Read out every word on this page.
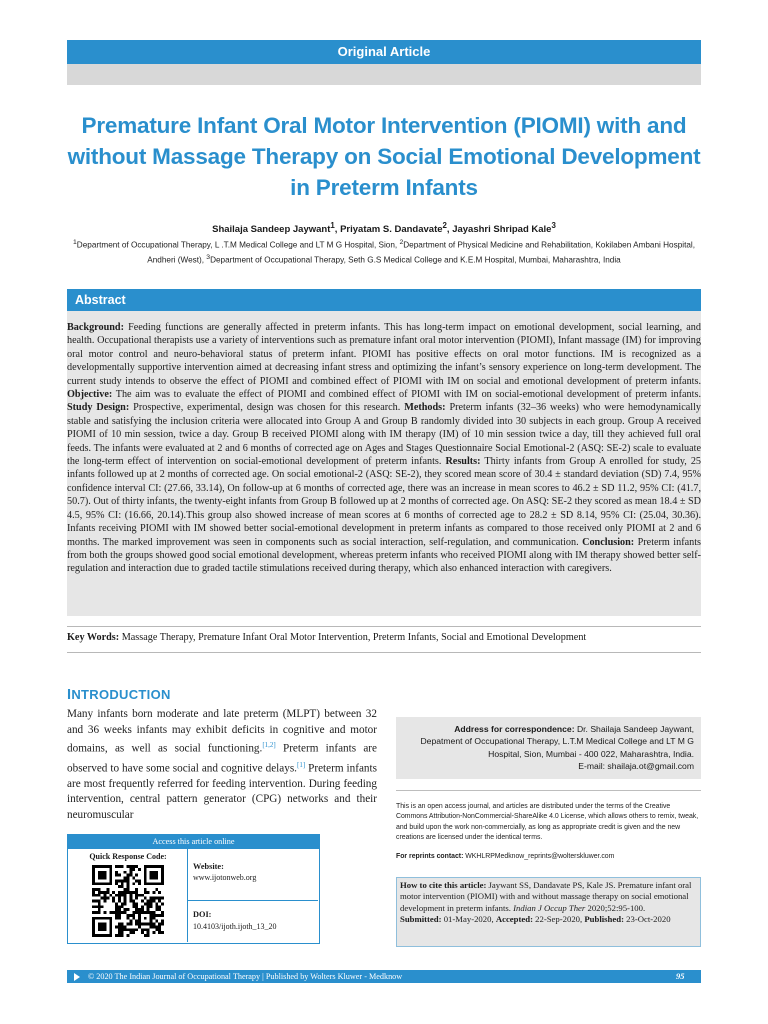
Original Article
Premature Infant Oral Motor Intervention (PIOMI) with and without Massage Therapy on Social Emotional Development in Preterm Infants
Shailaja Sandeep Jaywant$^1$, Priyatam S. Dandavate$^2$, Jayashri Shripad Kale$^3$
$^1$Department of Occupational Therapy, L .T.M Medical College and LT M G Hospital, Sion, $^2$Department of Physical Medicine and Rehabilitation, Kokilaben Ambani Hospital, Andheri (West), $^3$Department of Occupational Therapy, Seth G.S Medical College and K.E.M Hospital, Mumbai, Maharashtra, India
Abstract
Background: Feeding functions are generally affected in preterm infants. This has long-term impact on emotional development, social learning, and health. Occupational therapists use a variety of interventions such as premature infant oral motor intervention (PIOMI), Infant massage (IM) for improving oral motor control and neuro-behavioral status of preterm infant. PIOMI has positive effects on oral motor functions. IM is recognized as a developmentally supportive intervention aimed at decreasing infant stress and optimizing the infant’s sensory experience on long-term development. The current study intends to observe the effect of PIOMI and combined effect of PIOMI with IM on social and emotional development of preterm infants. Objective: The aim was to evaluate the effect of PIOMI and combined effect of PIOMI with IM on social-emotional development of preterm infants. Study Design: Prospective, experimental, design was chosen for this research. Methods: Preterm infants (32–36 weeks) who were hemodynamically stable and satisfying the inclusion criteria were allocated into Group A and Group B randomly divided into 30 subjects in each group. Group A received PIOMI of 10 min session, twice a day. Group B received PIOMI along with IM therapy (IM) of 10 min session twice a day, till they achieved full oral feeds. The infants were evaluated at 2 and 6 months of corrected age on Ages and Stages Questionnaire Social Emotional-2 (ASQ: SE-2) scale to evaluate the long-term effect of intervention on social-emotional development of preterm infants. Results: Thirty infants from Group A enrolled for study, 25 infants followed up at 2 months of corrected age. On social emotional-2 (ASQ: SE-2), they scored mean score of 30.4 ± standard deviation (SD) 7.4, 95% confidence interval CI: (27.66, 33.14), On follow-up at 6 months of corrected age, there was an increase in mean scores to 46.2 ± SD 11.2, 95% CI: (41.7, 50.7). Out of thirty infants, the twenty-eight infants from Group B followed up at 2 months of corrected age. On ASQ: SE-2 they scored as mean 18.4 ± SD 4.5, 95% CI: (16.66, 20.14).This group also showed increase of mean scores at 6 months of corrected age to 28.2 ± SD 8.14, 95% CI: (25.04, 30.36). Infants receiving PIOMI with IM showed better social-emotional development in preterm infants as compared to those received only PIOMI at 2 and 6 months. The marked improvement was seen in components such as social interaction, self-regulation, and communication. Conclusion: Preterm infants from both the groups showed good social emotional development, whereas preterm infants who received PIOMI along with IM therapy showed better self-regulation and interaction due to graded tactile stimulations received during therapy, which also enhanced interaction with caregivers.
Key Words: Massage Therapy, Premature Infant Oral Motor Intervention, Preterm Infants, Social and Emotional Development
INTRODUCTION
Many infants born moderate and late preterm (MLPT) between 32 and 36 weeks infants may exhibit deficits in cognitive and motor domains, as well as social functioning.[1,2] Preterm infants are observed to have some social and cognitive delays.[1] Preterm infants are most frequently referred for feeding intervention. During feeding intervention, central pattern generator (CPG) networks and their neuromuscular
Address for correspondence: Dr. Shailaja Sandeep Jaywant,
Depatment of Occupational Therapy, L.T.M Medical College and LT M G
Hospital, Sion, Mumbai - 400 022, Maharashtra, India.
E-mail: shailaja.ot@gmail.com
This is an open access journal, and articles are distributed under the terms of the Creative Commons Attribution-NonCommercial-ShareAlike 4.0 License, which allows others to remix, tweak, and build upon the work non-commercially, as long as appropriate credit is given and the new creations are licensed under the identical terms.
For reprints contact: WKHLRPMedknow_reprints@wolterskluwer.com
How to cite this article: Jaywant SS, Dandavate PS, Kale JS. Premature infant oral motor intervention (PIOMI) with and without massage therapy on social emotional development in preterm infants. Indian J Occup Ther 2020;52:95-100.
Submitted: 01-May-2020, Accepted: 22-Sep-2020, Published: 23-Oct-2020
Access this article online
Quick Response Code:
Website:
www.ijotonweb.org
DOI:
10.4103/ijoth.ijoth_13_20
© 2020 The Indian Journal of Occupational Therapy | Published by Wolters Kluwer - Medknow	95
